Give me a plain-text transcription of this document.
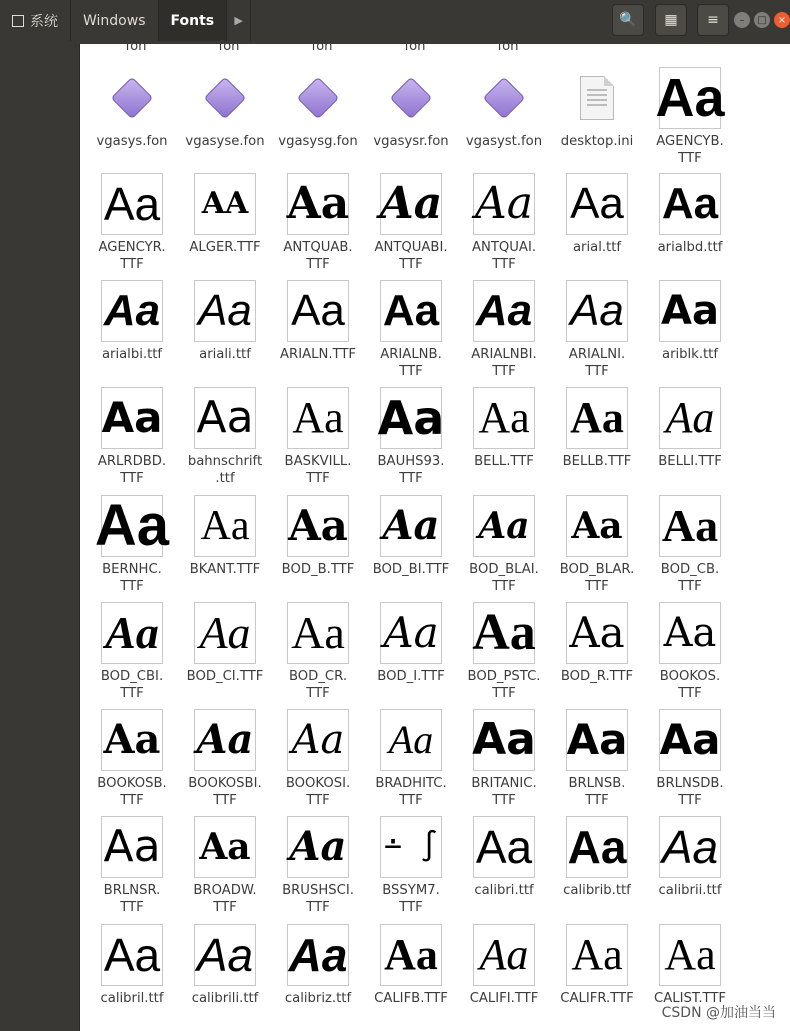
系统 Windows Fonts ▶	🔍 ▦ ≡ – □ ×
fon	fon	fon	fon	fon
vgasys.fon	vgasyse.fon	vgasysg.fon	vgasysr.fon	vgasyst.fon	desktop.ini
Aa
AGENCYB.
TTF
Aa
AGENCYR.
TTF
AA
ALGER.TTF
Aa
ANTQUAB.
TTF
Aa
ANTQUABI.
TTF
Aa
ANTQUAI.
TTF
Aa
arial.ttf
Aa
arialbd.ttf
Aa
arialbi.ttf
Aa
ariali.ttf
Aa
ARIALN.TTF
Aa
ARIALNB.
TTF
Aa
ARIALNBI.
TTF
Aa
ARIALNI.
TTF
Aa
ariblk.ttf
Aa
ARLRDBD.
TTF
Aa
bahnschrift
.ttf
Aa
BASKVILL.
TTF
Aa
BAUHS93.
TTF
Aa
BELL.TTF
Aa
BELLB.TTF
Aa
BELLI.TTF
Aa
BERNHC.
TTF
Aa
BKANT.TTF
Aa
BOD_B.TTF
Aa
BOD_BI.TTF
Aa
BOD_BLAI.
TTF
Aa
BOD_BLAR.
TTF
Aa
BOD_CB.
TTF
Aa
BOD_CBI.
TTF
Aa
BOD_CI.TTF
Aa
BOD_CR.
TTF
Aa
BOD_I.TTF
Aa
BOD_PSTC.
TTF
Aa
BOD_R.TTF
Aa
BOOKOS.
TTF
Aa
BOOKOSB.
TTF
Aa
BOOKOSBI.
TTF
Aa
BOOKOSI.
TTF
Aa
BRADHITC.
TTF
Aa
BRITANIC.
TTF
Aa
BRLNSB.
TTF
Aa
BRLNSDB.
TTF
Aa
BRLNSR.
TTF
Aa
BROADW.
TTF
Aa
BRUSHSCI.
TTF
∸ ∫
BSSYM7.
TTF
Aa
calibri.ttf
Aa
calibrib.ttf
Aa
calibrii.ttf
Aa
calibril.ttf
Aa
calibrili.ttf
Aa
calibriz.ttf
Aa
CALIFB.TTF
Aa
CALIFI.TTF
Aa
CALIFR.TTF
Aa
CALIST.TTF
CSDN @加油当当
